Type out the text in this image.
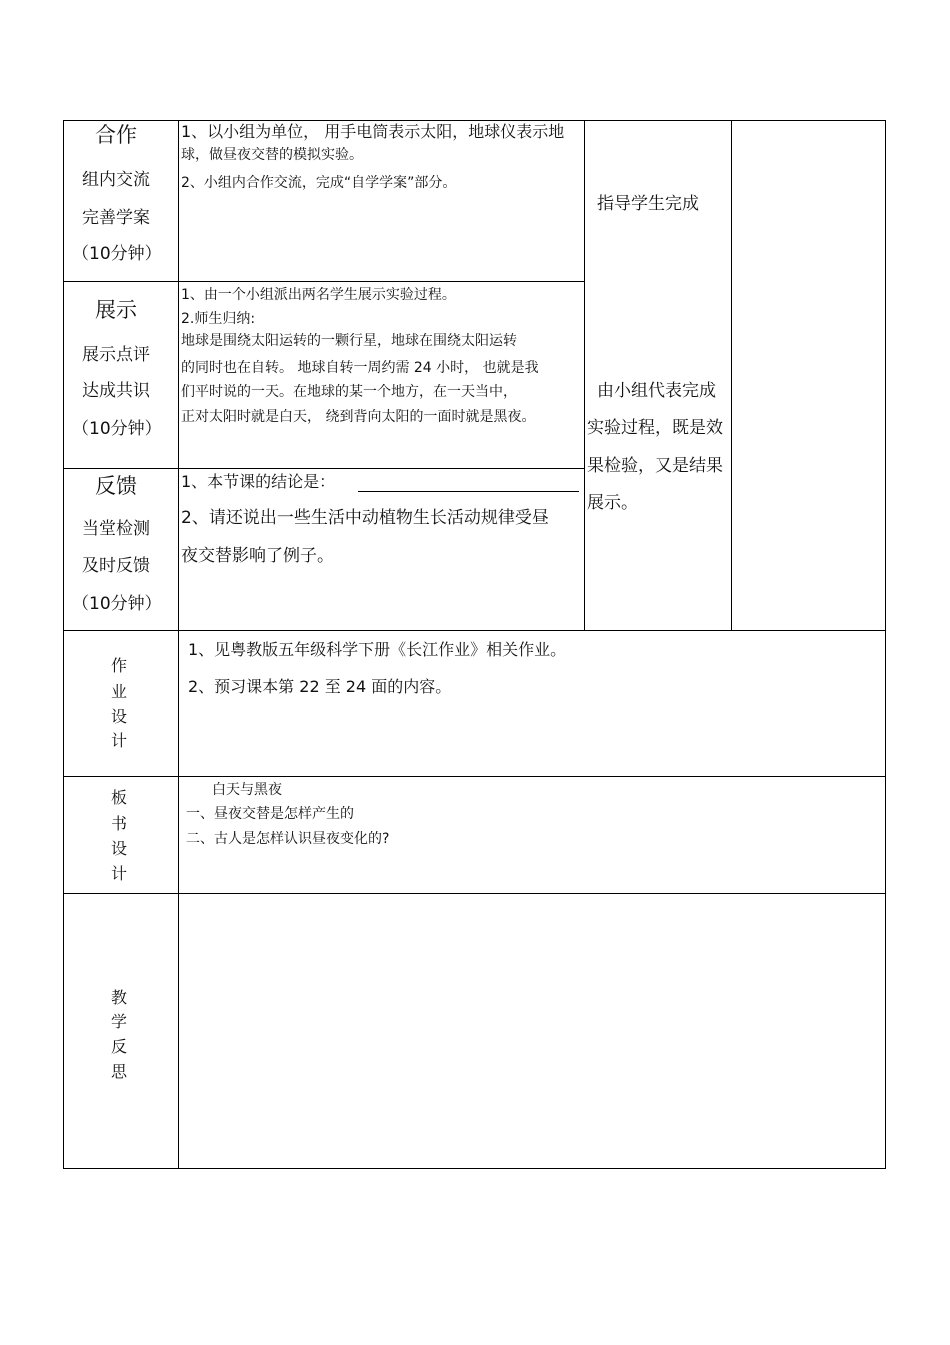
合作
组内交流
完善学案
（10分钟）
1、以小组为单位， 用手电筒表示太阳，地球仪表示地
球，做昼夜交替的模拟实验。
2、小组内合作交流，完成“自学学案”部分。
指导学生完成
展示
展示点评
达成共识
（10分钟）
1、由一个小组派出两名学生展示实验过程。
2.师生归纳:
地球是围绕太阳运转的一颗行星，地球在围绕太阳运转
的同时也在自转。 地球自转一周约需 24 小时， 也就是我
们平时说的一天。在地球的某一个地方，在一天当中，
正对太阳时就是白天， 绕到背向太阳的一面时就是黑夜。
由小组代表完成
实验过程，既是效
果检验，又是结果
展示。
反馈
当堂检测
及时反馈
（10分钟）
1、本节课的结论是：
2、请还说出一些生活中动植物生长活动规律受昼
夜交替影响了例子。
作
业
设
计
1、见粤教版五年级科学下册《长江作业》相关作业。
2、预习课本第 22 至 24 面的内容。
板
书
设
计
白天与黑夜
一、昼夜交替是怎样产生的
二、古人是怎样认识昼夜变化的?
教
学
反
思
